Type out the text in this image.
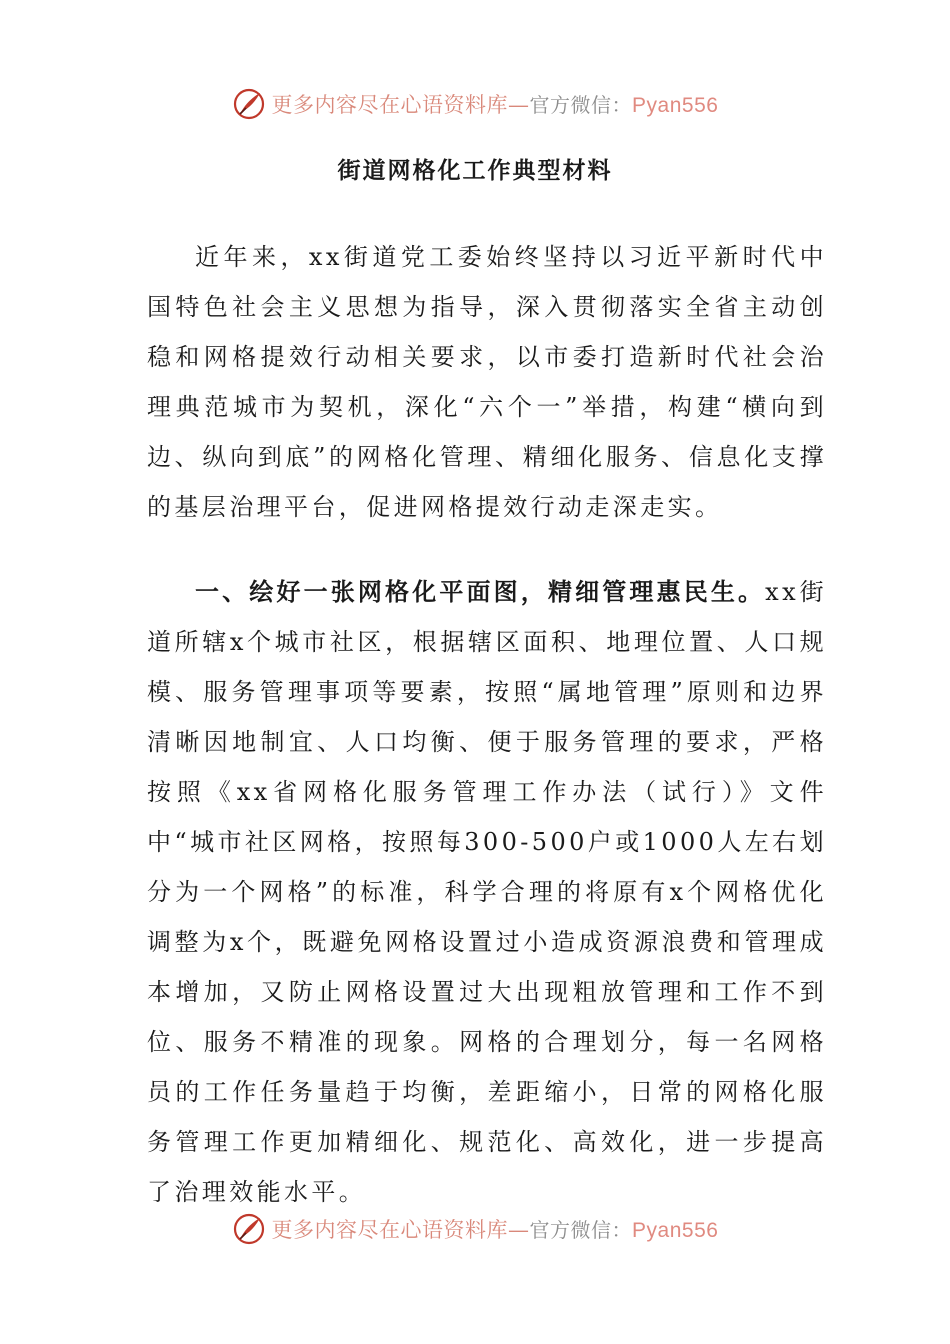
更多内容尽在心语资料库—官方微信：Pyan556
街道网格化工作典型材料

近年来，xx街道党工委始终坚持以习近平新时代中国特色社会主义思想为指导，深入贯彻落实全省主动创稳和网格提效行动相关要求，以市委打造新时代社会治理典范城市为契机，深化“六个一”举措，构建“横向到边、纵向到底”的网格化管理、精细化服务、信息化支撑的基层治理平台，促进网格提效行动走深走实。

一、绘好一张网格化平面图，精细管理惠民生。xx街道所辖x个城市社区，根据辖区面积、地理位置、人口规模、服务管理事项等要素，按照“属地管理”原则和边界清晰因地制宜、人口均衡、便于服务管理的要求，严格按照《xx省网格化服务管理工作办法（试行）》文件中“城市社区网格，按照每300-500户或1000人左右划分为一个网格”的标准，科学合理的将原有x个网格优化调整为x个，既避免网格设置过小造成资源浪费和管理成本增加，又防止网格设置过大出现粗放管理和工作不到位、服务不精准的现象。网格的合理划分，每一名网格员的工作任务量趋于均衡，差距缩小，日常的网格化服务管理工作更加精细化、规范化、高效化，进一步提高了治理效能水平。

更多内容尽在心语资料库—官方微信：Pyan556
